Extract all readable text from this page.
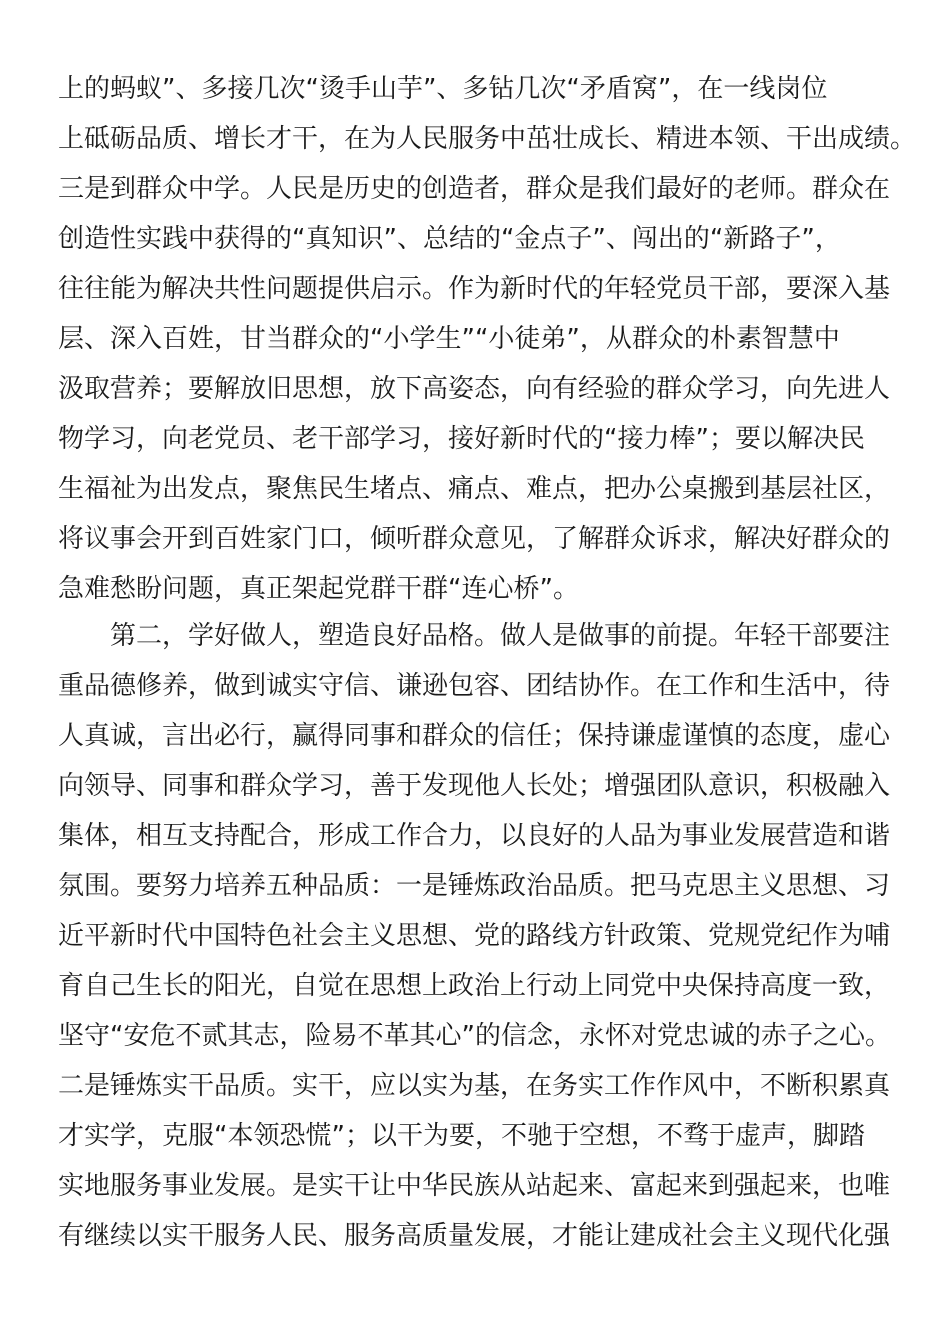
上的蚂蚁”、多接几次“烫手山芋”、多钻几次“矛盾窝”，在一线岗位
上砥砺品质、增长才干，在为人民服务中茁壮成长、精进本领、干出成绩。
三是到群众中学。人民是历史的创造者，群众是我们最好的老师。群众在
创造性实践中获得的“真知识”、总结的“金点子”、闯出的“新路子”，
往往能为解决共性问题提供启示。作为新时代的年轻党员干部，要深入基
层、深入百姓，甘当群众的“小学生”“小徒弟”，从群众的朴素智慧中
汲取营养；要解放旧思想，放下高姿态，向有经验的群众学习，向先进人
物学习，向老党员、老干部学习，接好新时代的“接力棒”；要以解决民
生福祉为出发点，聚焦民生堵点、痛点、难点，把办公桌搬到基层社区，
将议事会开到百姓家门口，倾听群众意见，了解群众诉求，解决好群众的
急难愁盼问题，真正架起党群干群“连心桥”。
　　第二，学好做人，塑造良好品格。做人是做事的前提。年轻干部要注
重品德修养，做到诚实守信、谦逊包容、团结协作。在工作和生活中，待
人真诚，言出必行，赢得同事和群众的信任；保持谦虚谨慎的态度，虚心
向领导、同事和群众学习，善于发现他人长处；增强团队意识，积极融入
集体，相互支持配合，形成工作合力，以良好的人品为事业发展营造和谐
氛围。要努力培养五种品质：一是锤炼政治品质。把马克思主义思想、习
近平新时代中国特色社会主义思想、党的路线方针政策、党规党纪作为哺
育自己生长的阳光，自觉在思想上政治上行动上同党中央保持高度一致，
坚守“安危不贰其志，险易不革其心”的信念，永怀对党忠诚的赤子之心。
二是锤炼实干品质。实干，应以实为基，在务实工作作风中，不断积累真
才实学，克服“本领恐慌”；以干为要，不驰于空想，不骛于虚声，脚踏
实地服务事业发展。是实干让中华民族从站起来、富起来到强起来，也唯
有继续以实干服务人民、服务高质量发展，才能让建成社会主义现代化强
